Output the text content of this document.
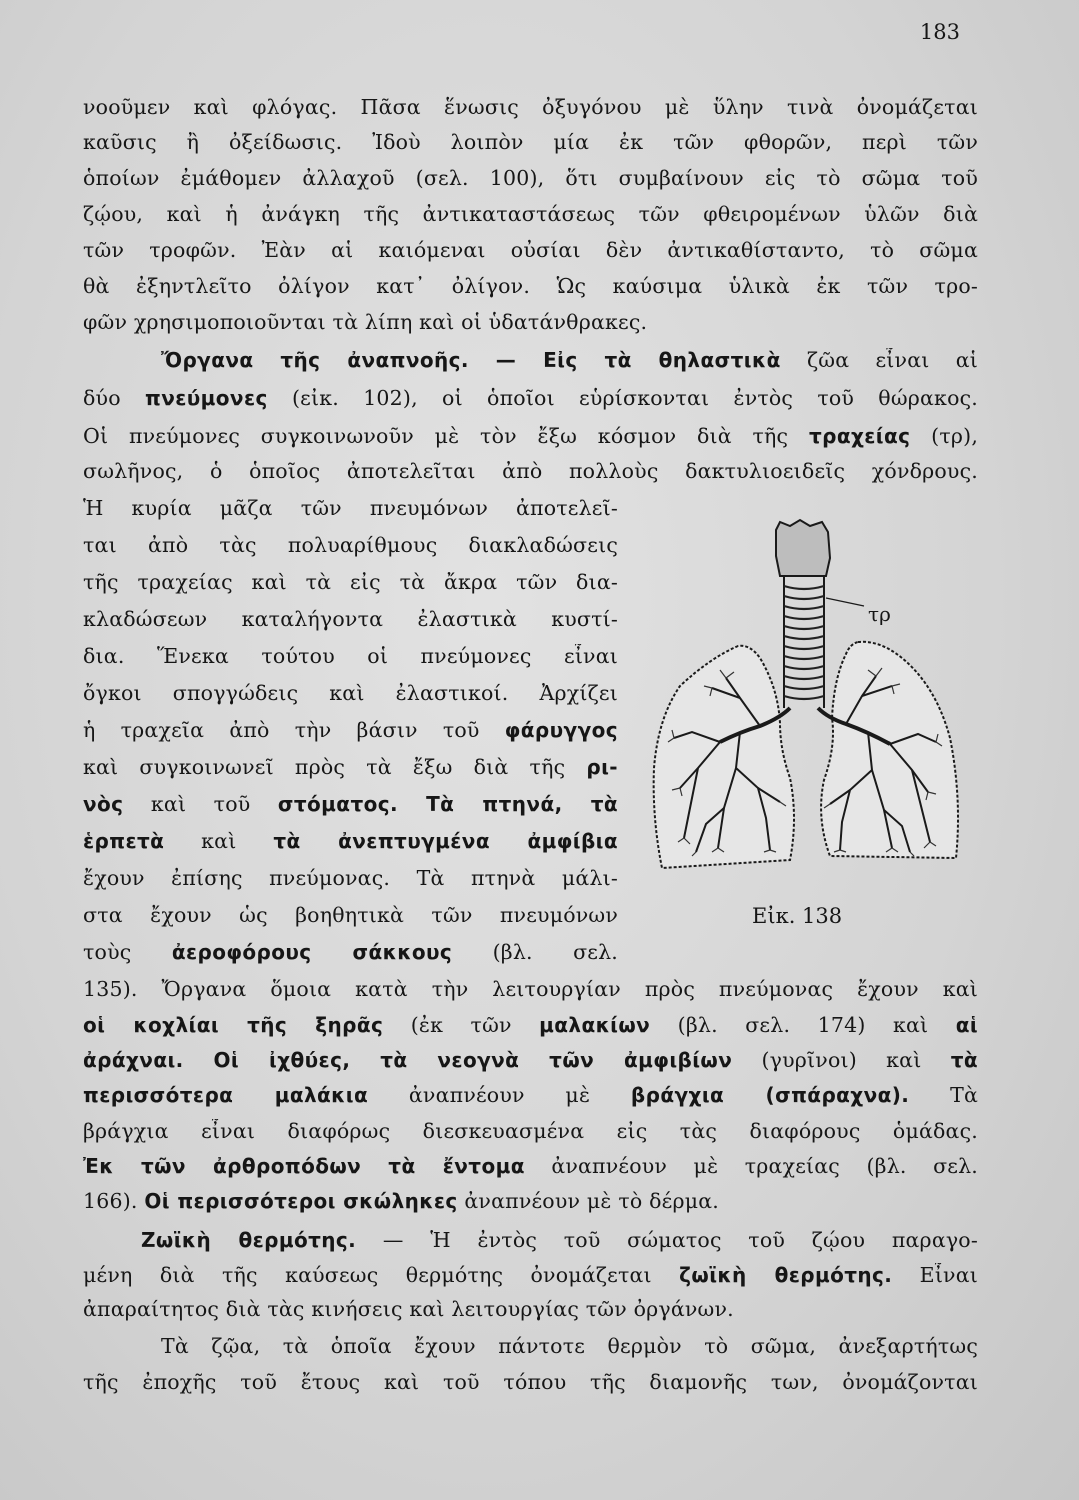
183
νοοῦμεν καὶ φλόγας. Πᾶσα ἕνωσις ὀξυγόνου μὲ ὕλην τινὰ ὀνομάζεται
καῦσις ἢ ὀξείδωσις. Ἰδοὺ λοιπὸν μία ἐκ τῶν φθορῶν, περὶ τῶν
ὁποίων ἐμάθομεν ἀλλαχοῦ (σελ. 100), ὅτι συμβαίνουν εἰς τὸ σῶμα τοῦ
ζῴου, καὶ ἡ ἀνάγκη τῆς ἀντικαταστάσεως τῶν φθειρομένων ὑλῶν διὰ
τῶν τροφῶν. Ἐὰν αἱ καιόμεναι οὐσίαι δὲν ἀντικαθίσταντο, τὸ σῶμα
θὰ ἐξηντλεῖτο ὀλίγον κατ᾿ ὀλίγον. Ὡς καύσιμα ὑλικὰ ἐκ τῶν τρο-
φῶν χρησιμοποιοῦνται τὰ λίπη καὶ οἱ ὑδατάνθρακες.
Ὄργανα τῆς ἀναπνοῆς. — Εἰς τὰ θηλαστικὰ ζῶα εἶναι αἱ
δύο πνεύμονες (εἰκ. 102), οἱ ὁποῖοι εὑρίσκονται ἐντὸς τοῦ θώρακος.
Οἱ πνεύμονες συγκοινωνοῦν μὲ τὸν ἔξω κόσμον διὰ τῆς τραχείας (τρ),
σωλῆνος, ὁ ὁποῖος ἀποτελεῖται ἀπὸ πολλοὺς δακτυλιοειδεῖς χόνδρους.
Ἡ κυρία μᾶζα τῶν πνευμόνων ἀποτελεῖ-
ται ἀπὸ τὰς πολυαρίθμους διακλαδώσεις
τῆς τραχείας καὶ τὰ εἰς τὰ ἄκρα τῶν δια-
κλαδώσεων καταλήγοντα ἐλαστικὰ κυστί-
δια. Ἕνεκα τούτου οἱ πνεύμονες εἶναι
ὄγκοι σπογγώδεις καὶ ἐλαστικοί. Ἀρχίζει
ἡ τραχεῖα ἀπὸ τὴν βάσιν τοῦ φάρυγγος
καὶ συγκοινωνεῖ πρὸς τὰ ἔξω διὰ τῆς ρι-
νὸς καὶ τοῦ στόματος. Τὰ πτηνά, τὰ
ἑρπετὰ καὶ τὰ ἀνεπτυγμένα ἀμφίβια
ἔχουν ἐπίσης πνεύμονας. Τὰ πτηνὰ μάλι-
στα ἔχουν ὡς βοηθητικὰ τῶν πνευμόνων
τοὺς ἀεροφόρους σάκκους (βλ. σελ.
135). Ὄργανα ὅμοια κατὰ τὴν λειτουργίαν πρὸς πνεύμονας ἔχουν καὶ
οἱ κοχλίαι τῆς ξηρᾶς (ἐκ τῶν μαλακίων (βλ. σελ. 174) καὶ αἱ
ἀράχναι. Οἱ ἰχθύες, τὰ νεογνὰ τῶν ἀμφιβίων (γυρῖνοι) καὶ τὰ
περισσότερα μαλάκια ἀναπνέουν μὲ βράγχια (σπάραχνα). Τὰ
βράγχια εἶναι διαφόρως διεσκευασμένα εἰς τὰς διαφόρους ὁμάδας.
Ἐκ τῶν ἀρθροπόδων τὰ ἔντομα ἀναπνέουν μὲ τραχείας (βλ. σελ.
166). Οἱ περισσότεροι σκώληκες ἀναπνέουν μὲ τὸ δέρμα.
Ζωϊκὴ θερμότης. — Ἡ ἐντὸς τοῦ σώματος τοῦ ζῴου παραγο-
μένη διὰ τῆς καύσεως θερμότης ὀνομάζεται ζωϊκὴ θερμότης. Εἶναι
ἀπαραίτητος διὰ τὰς κινήσεις καὶ λειτουργίας τῶν ὀργάνων.
Τὰ ζῷα, τὰ ὁποῖα ἔχουν πάντοτε θερμὸν τὸ σῶμα, ἀνεξαρτήτως
τῆς ἐποχῆς τοῦ ἔτους καὶ τοῦ τόπου τῆς διαμονῆς των, ὀνομάζονται
τρ
Εἰκ. 138
